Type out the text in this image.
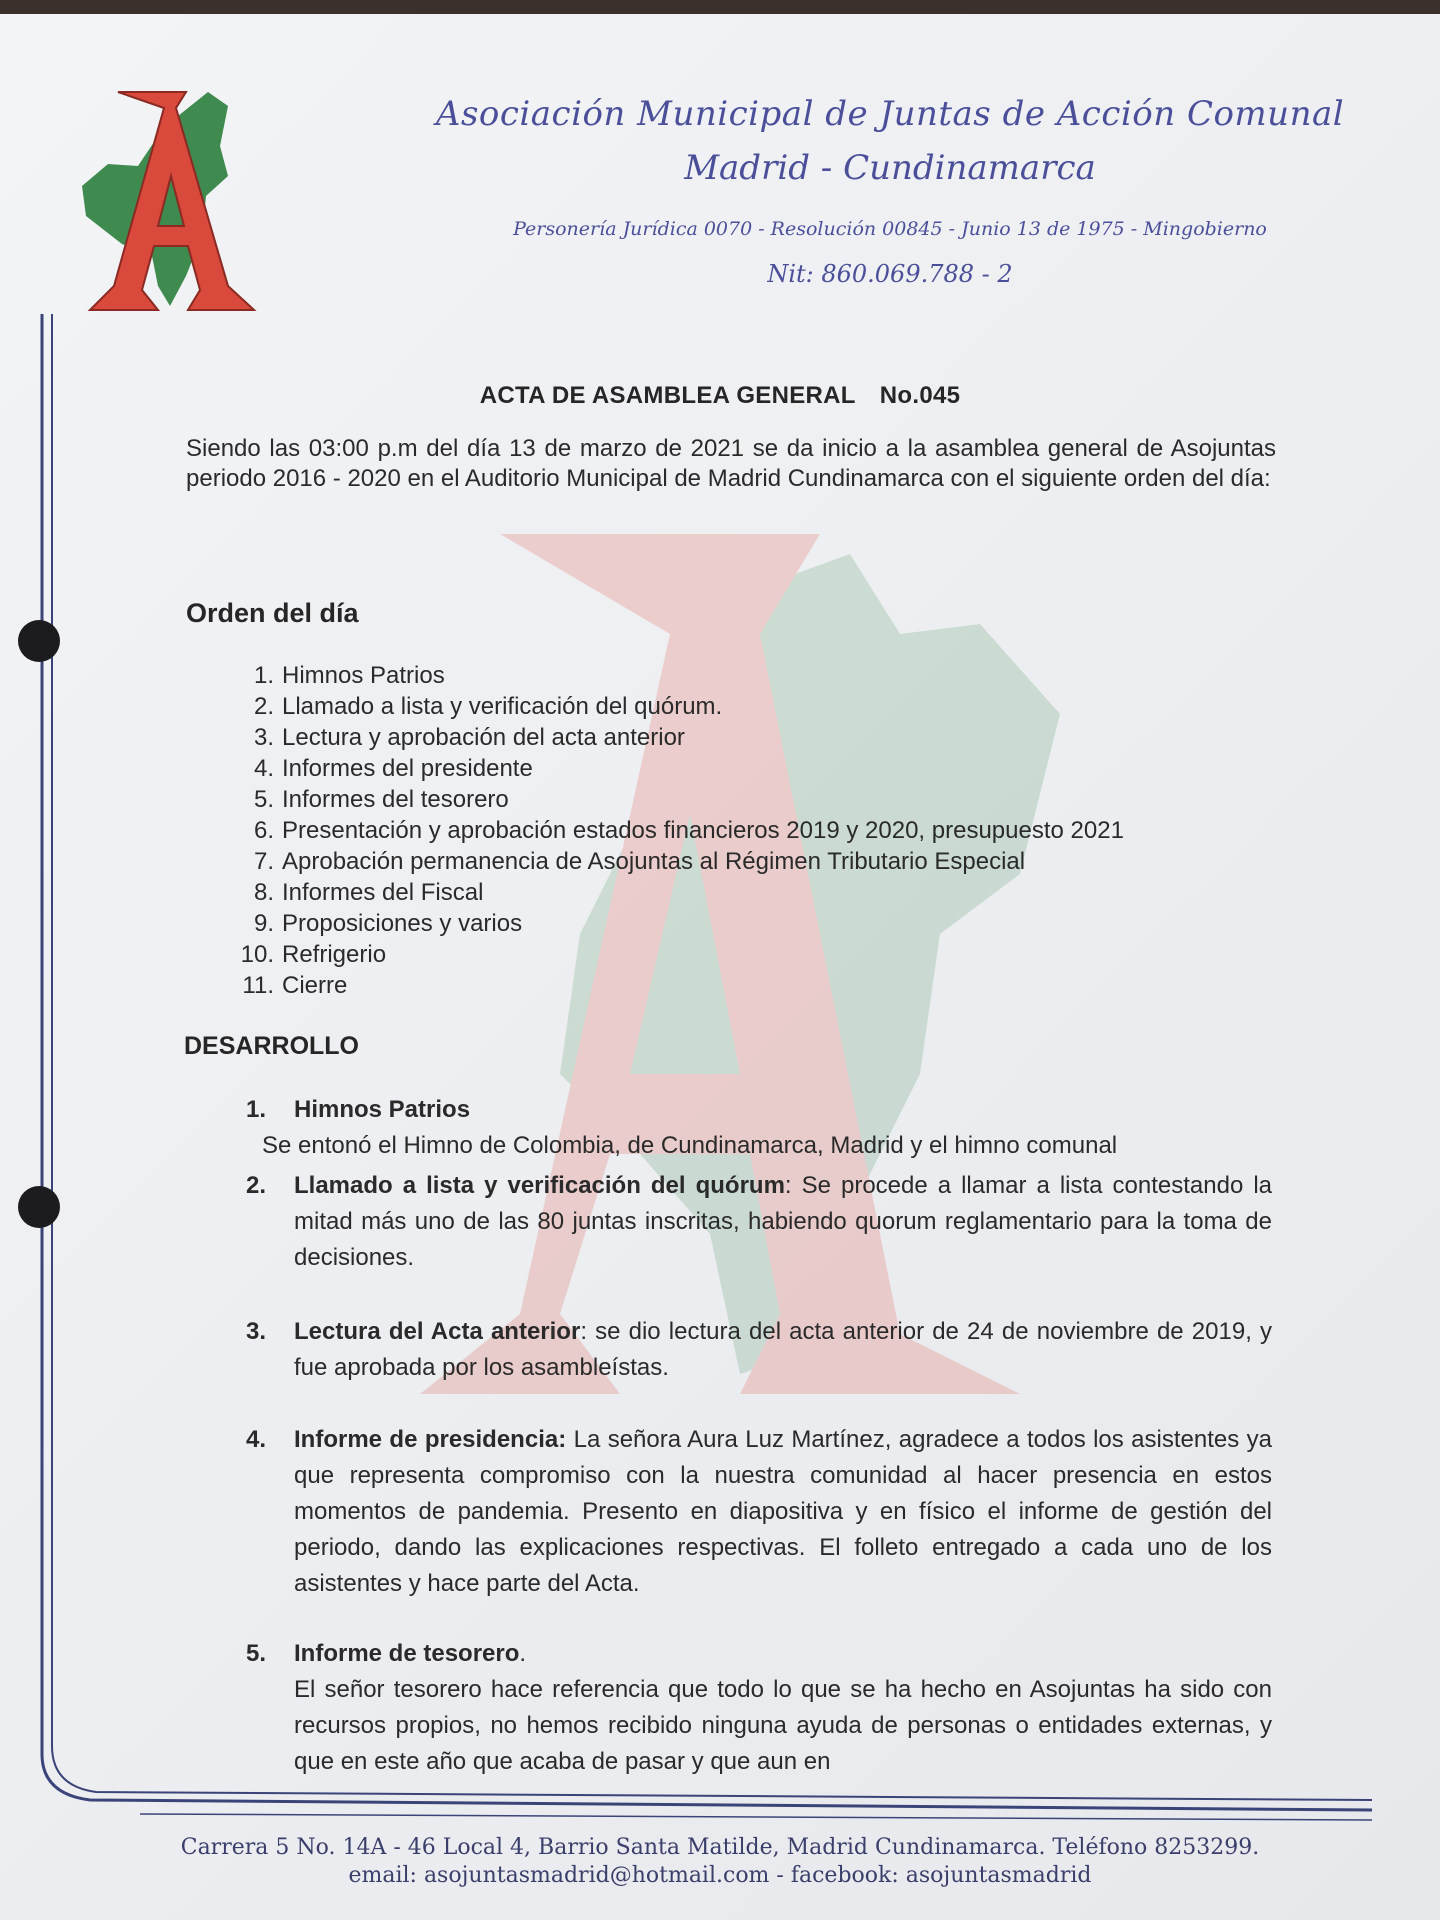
Asociación Municipal de Juntas de Acción Comunal
Madrid - Cundinamarca
Personería Jurídica 0070 - Resolución 00845 - Junio 13 de 1975 - Mingobierno
Nit: 860.069.788 - 2
ACTA DE ASAMBLEA GENERAL No.045
Siendo las 03:00 p.m del día 13 de marzo de 2021 se da inicio a la asamblea general de Asojuntas periodo 2016 - 2020 en el Auditorio Municipal de Madrid Cundinamarca con el siguiente orden del día:
Orden del día
1. Himnos Patrios
2. Llamado a lista y verificación del quórum.
3. Lectura y aprobación del acta anterior
4. Informes del presidente
5. Informes del tesorero
6. Presentación y aprobación estados financieros 2019 y 2020, presupuesto 2021
7. Aprobación permanencia de Asojuntas al Régimen Tributario Especial
8. Informes del Fiscal
9. Proposiciones y varios
10. Refrigerio
11. Cierre
DESARROLLO
1. Himnos Patrios
Se entonó el Himno de Colombia, de Cundinamarca, Madrid y el himno comunal
2. Llamado a lista y verificación del quórum: Se procede a llamar a lista contestando la mitad más uno de las 80 juntas inscritas, habiendo quorum reglamentario para la toma de decisiones.
3. Lectura del Acta anterior: se dio lectura del acta anterior de 24 de noviembre de 2019, y fue aprobada por los asambleístas.
4. Informe de presidencia: La señora Aura Luz Martínez, agradece a todos los asistentes ya que representa compromiso con la nuestra comunidad al hacer presencia en estos momentos de pandemia. Presento en diapositiva y en físico el informe de gestión del periodo, dando las explicaciones respectivas. El folleto entregado a cada uno de los asistentes y hace parte del Acta.
5. Informe de tesorero.
El señor tesorero hace referencia que todo lo que se ha hecho en Asojuntas ha sido con recursos propios, no hemos recibido ninguna ayuda de personas o entidades externas, y que en este año que acaba de pasar y que aun en
Carrera 5 No. 14A - 46 Local 4, Barrio Santa Matilde, Madrid Cundinamarca. Teléfono 8253299.
email: asojuntasmadrid@hotmail.com - facebook: asojuntasmadrid
